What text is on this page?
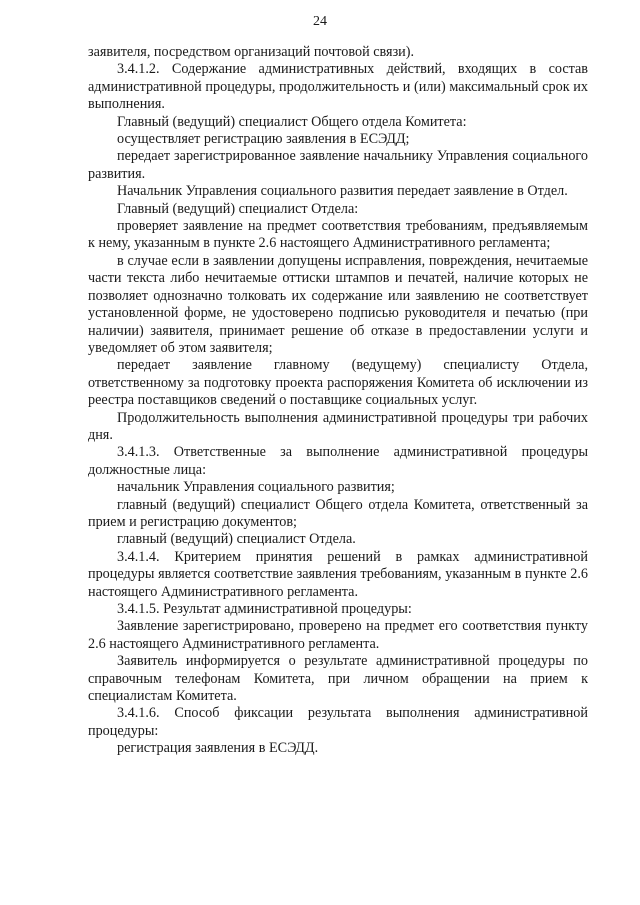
24

заявителя, посредством организаций почтовой связи).

3.4.1.2. Содержание административных действий, входящих в состав административной процедуры, продолжительность и (или) максимальный срок их выполнения.

Главный (ведущий) специалист Общего отдела Комитета:

осуществляет регистрацию заявления в ЕСЭДД;

передает зарегистрированное заявление начальнику Управления социального развития.

Начальник Управления социального развития передает заявление в Отдел.

Главный (ведущий) специалист Отдела:

проверяет заявление на предмет соответствия требованиям, предъявляемым к нему, указанным в пункте 2.6 настоящего Административного регламента;

в случае если в заявлении допущены исправления, повреждения, нечитаемые части текста либо нечитаемые оттиски штампов и печатей, наличие которых не позволяет однозначно толковать их содержание или заявлению не соответствует установленной форме, не удостоверено подписью руководителя и печатью (при наличии) заявителя, принимает решение об отказе в предоставлении услуги и уведомляет об этом заявителя;

передает заявление главному (ведущему) специалисту Отдела, ответственному за подготовку проекта распоряжения Комитета об исключении из реестра поставщиков сведений о поставщике социальных услуг.

Продолжительность выполнения административной процедуры три рабочих дня.

3.4.1.3. Ответственные за выполнение административной процедуры должностные лица:

начальник Управления социального развития;

главный (ведущий) специалист Общего отдела Комитета, ответственный за прием и регистрацию документов;

главный (ведущий) специалист Отдела.

3.4.1.4. Критерием принятия решений в рамках административной процедуры является соответствие заявления требованиям, указанным в пункте 2.6 настоящего Административного регламента.

3.4.1.5. Результат административной процедуры:

Заявление зарегистрировано, проверено на предмет его соответствия пункту 2.6 настоящего Административного регламента.

Заявитель информируется о результате административной процедуры по справочным телефонам Комитета, при личном обращении на прием к специалистам Комитета.

3.4.1.6. Способ фиксации результата выполнения административной процедуры:

регистрация заявления в ЕСЭДД.
